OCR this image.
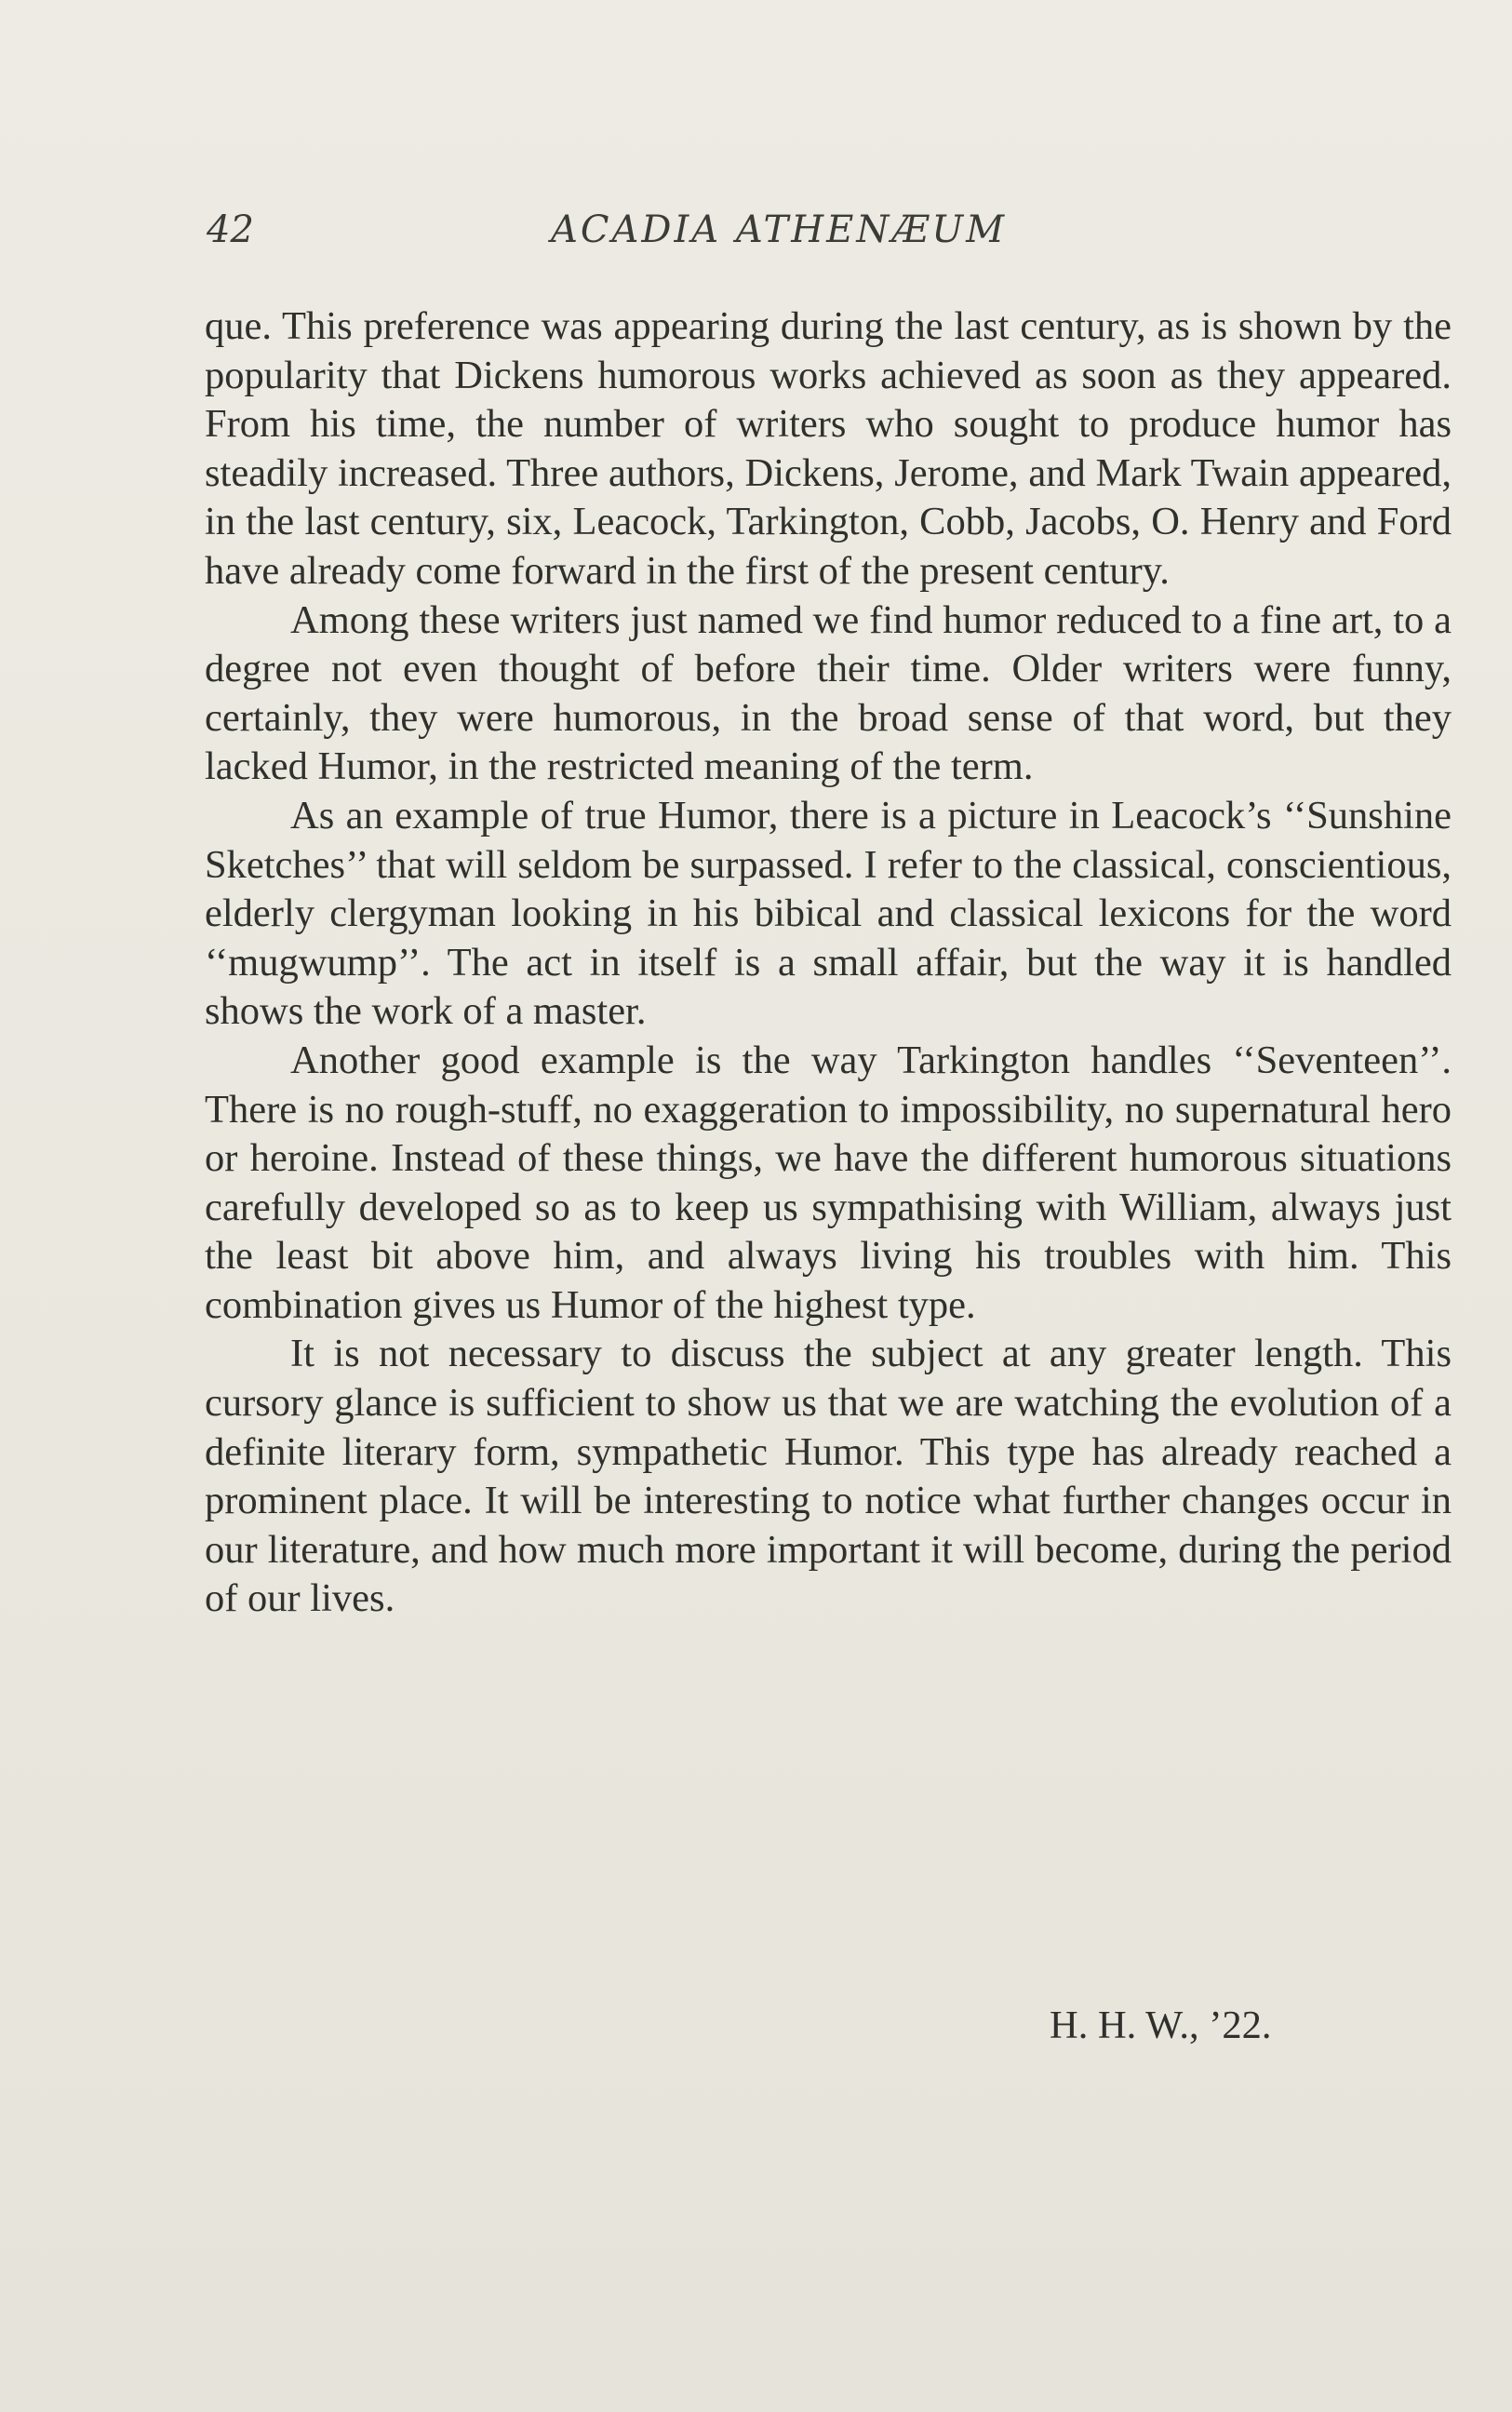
42	ACADIA ATHENÆUM

que. This preference was appearing during the last century, as is shown by the popularity that Dickens humorous works achieved as soon as they appeared. From his time, the number of writers who sought to produce humor has steadily increased. Three authors, Dickens, Jerome, and Mark Twain appeared, in the last century, six, Leacock, Tarkington, Cobb, Jacobs, O. Henry and Ford have already come forward in the first of the present century.

Among these writers just named we find humor reduced to a fine art, to a degree not even thought of before their time. Older writers were funny, certainly, they were humorous, in the broad sense of that word, but they lacked Humor, in the restricted meaning of the term.

As an example of true Humor, there is a picture in Leacock’s ‘‘Sunshine Sketches’’ that will seldom be surpassed. I refer to the classical, conscientious, elderly clergyman looking in his bibical and classical lexicons for the word ‘‘mugwump’’. The act in itself is a small affair, but the way it is handled shows the work of a master.

Another good example is the way Tarkington handles ‘‘Seventeen’’. There is no rough-stuff, no exaggeration to impossibility, no supernatural hero or heroine. Instead of these things, we have the different humorous situations carefully developed so as to keep us sympathising with William, always just the least bit above him, and always living his troubles with him. This combination gives us Humor of the highest type.

It is not necessary to discuss the subject at any greater length. This cursory glance is sufficient to show us that we are watching the evolution of a definite literary form, sympathetic Humor. This type has already reached a prominent place. It will be interesting to notice what further changes occur in our literature, and how much more important it will become, during the period of our lives.

H. H. W., ’22.
